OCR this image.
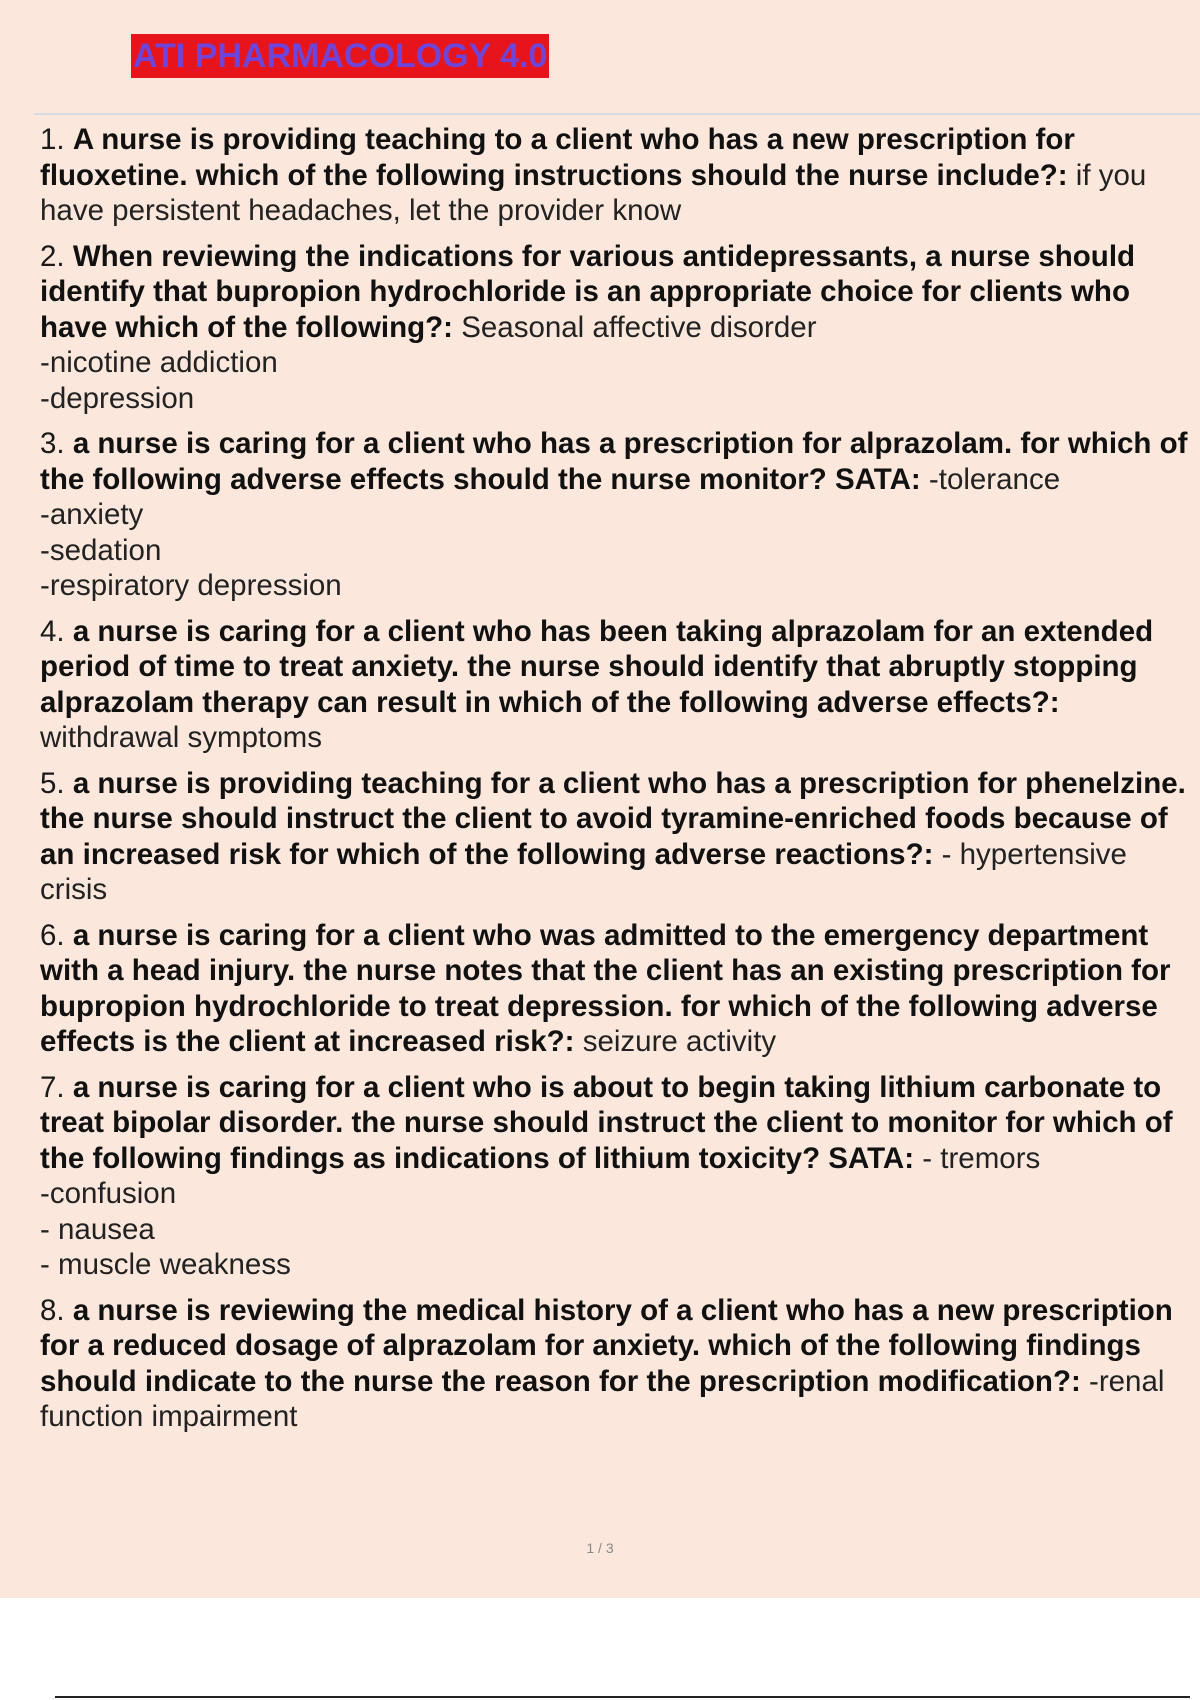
ATI PHARMACOLOGY 4.0
1. A nurse is providing teaching to a client who has a new prescription for fluoxetine. which of the following instructions should the nurse include?: if you have persistent headaches, let the provider know
2. When reviewing the indications for various antidepressants, a nurse should identify that bupropion hydrochloride is an appropriate choice for clients who have which of the following?: Seasonal affective disorder
-nicotine addiction
-depression
3. a nurse is caring for a client who has a prescription for alprazolam. for which of the following adverse effects should the nurse monitor? SATA: -tolerance
-anxiety
-sedation
-respiratory depression
4. a nurse is caring for a client who has been taking alprazolam for an extended period of time to treat anxiety. the nurse should identify that abruptly stopping alprazolam therapy can result in which of the following adverse effects?: withdrawal symptoms
5. a nurse is providing teaching for a client who has a prescription for phenelzine. the nurse should instruct the client to avoid tyramine-enriched foods because of an increased risk for which of the following adverse reactions?: - hypertensive crisis
6. a nurse is caring for a client who was admitted to the emergency department with a head injury. the nurse notes that the client has an existing prescription for bupropion hydrochloride to treat depression. for which of the following adverse effects is the client at increased risk?: seizure activity
7. a nurse is caring for a client who is about to begin taking lithium carbonate to treat bipolar disorder. the nurse should instruct the client to monitor for which of the following findings as indications of lithium toxicity? SATA: - tremors
-confusion
- nausea
- muscle weakness
8. a nurse is reviewing the medical history of a client who has a new prescription for a reduced dosage of alprazolam for anxiety. which of the following findings should indicate to the nurse the reason for the prescription modification?: -renal function impairment
1 / 3
